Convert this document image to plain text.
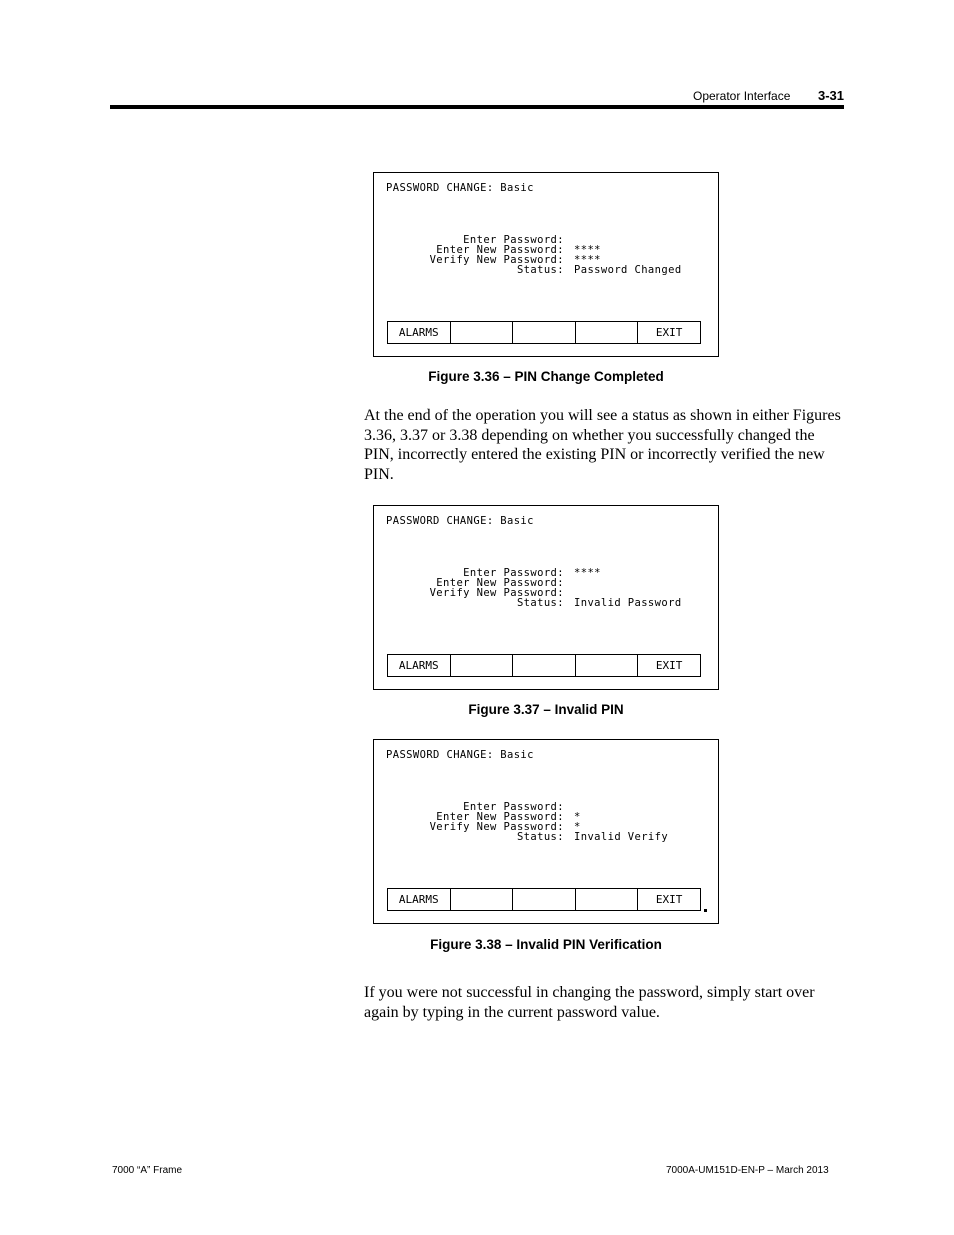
Operator Interface 3-31
PASSWORD CHANGE: Basic

Enter Password:

Enter New Password:

****

Verify New Password:

****

Status:

Password Changed

ALARMS	EXIT
Figure 3.36 – PIN Change Completed
At the end of the operation you will see a status as shown in either Figures 3.36, 3.37 or 3.38 depending on whether you successfully changed the PIN, incorrectly entered the existing PIN or incorrectly verified the new PIN.
PASSWORD CHANGE: Basic

Enter Password:

****

Enter New Password:

Verify New Password:

Status:

Invalid Password

ALARMS	EXIT
Figure 3.37 – Invalid PIN
PASSWORD CHANGE: Basic

Enter Password:

Enter New Password:

*

Verify New Password:

*

Status:

Invalid Verify

ALARMS	EXIT
Figure 3.38 – Invalid PIN Verification
If you were not successful in changing the password, simply start over again by typing in the current password value.
7000 “A” Frame	7000A-UM151D-EN-P – March 2013
